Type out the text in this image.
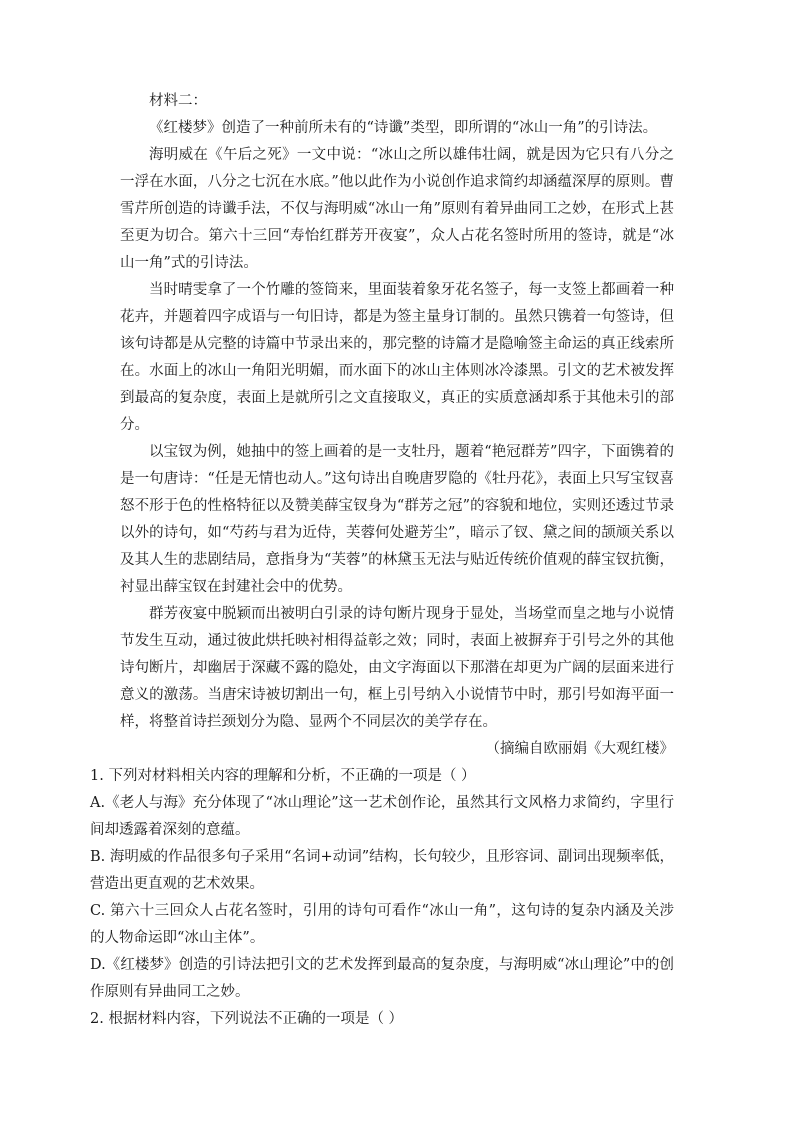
材料二：

《红楼梦》创造了一种前所未有的“诗谶”类型，即所谓的“冰山一角”的引诗法。

海明威在《午后之死》一文中说：“冰山之所以雄伟壮阔，就是因为它只有八分之一浮在水面，八分之七沉在水底。”他以此作为小说创作追求简约却涵蕴深厚的原则。曹雪芹所创造的诗谶手法，不仅与海明威“冰山一角”原则有着异曲同工之妙，在形式上甚至更为切合。第六十三回“寿怡红群芳开夜宴”，众人占花名签时所用的签诗，就是“冰山一角”式的引诗法。

当时晴雯拿了一个竹雕的签筒来，里面装着象牙花名签子，每一支签上都画着一种花卉，并题着四字成语与一句旧诗，都是为签主量身订制的。虽然只镌着一句签诗，但该句诗都是从完整的诗篇中节录出来的，那完整的诗篇才是隐喻签主命运的真正线索所在。水面上的冰山一角阳光明媚，而水面下的冰山主体则冰冷漆黑。引文的艺术被发挥到最高的复杂度，表面上是就所引之文直接取义，真正的实质意涵却系于其他未引的部分。

以宝钗为例，她抽中的签上画着的是一支牡丹，题着“艳冠群芳”四字，下面镌着的是一句唐诗：“任是无情也动人。”这句诗出自晚唐罗隐的《牡丹花》，表面上只写宝钗喜怒不形于色的性格特征以及赞美薛宝钗身为“群芳之冠”的容貌和地位，实则还透过节录以外的诗句，如“芍药与君为近侍，芙蓉何处避芳尘”，暗示了钗、黛之间的颉颃关系以及其人生的悲剧结局，意指身为“芙蓉”的林黛玉无法与贴近传统价值观的薛宝钗抗衡，衬显出薛宝钗在封建社会中的优势。

群芳夜宴中脱颖而出被明白引录的诗句断片现身于显处，当场堂而皇之地与小说情节发生互动，通过彼此烘托映衬相得益彰之效；同时，表面上被摒弃于引号之外的其他诗句断片，却幽居于深藏不露的隐处，由文字海面以下那潜在却更为广阔的层面来进行意义的激荡。当唐宋诗被切割出一句，框上引号纳入小说情节中时，那引号如海平面一样，将整首诗拦颈划分为隐、显两个不同层次的美学存在。

（摘编自欧丽娟《大观红楼》

1. 下列对材料相关内容的理解和分析，不正确的一项是（ ）

A.《老人与海》充分体现了“冰山理论”这一艺术创作论，虽然其行文风格力求简约，字里行间却透露着深刻的意蕴。

B. 海明威的作品很多句子采用“名词+动词”结构，长句较少，且形容词、副词出现频率低，营造出更直观的艺术效果。

C. 第六十三回众人占花名签时，引用的诗句可看作“冰山一角”，这句诗的复杂内涵及关涉的人物命运即“冰山主体”。

D.《红楼梦》创造的引诗法把引文的艺术发挥到最高的复杂度，与海明威“冰山理论”中的创作原则有异曲同工之妙。

2. 根据材料内容，下列说法不正确的一项是（ ）
